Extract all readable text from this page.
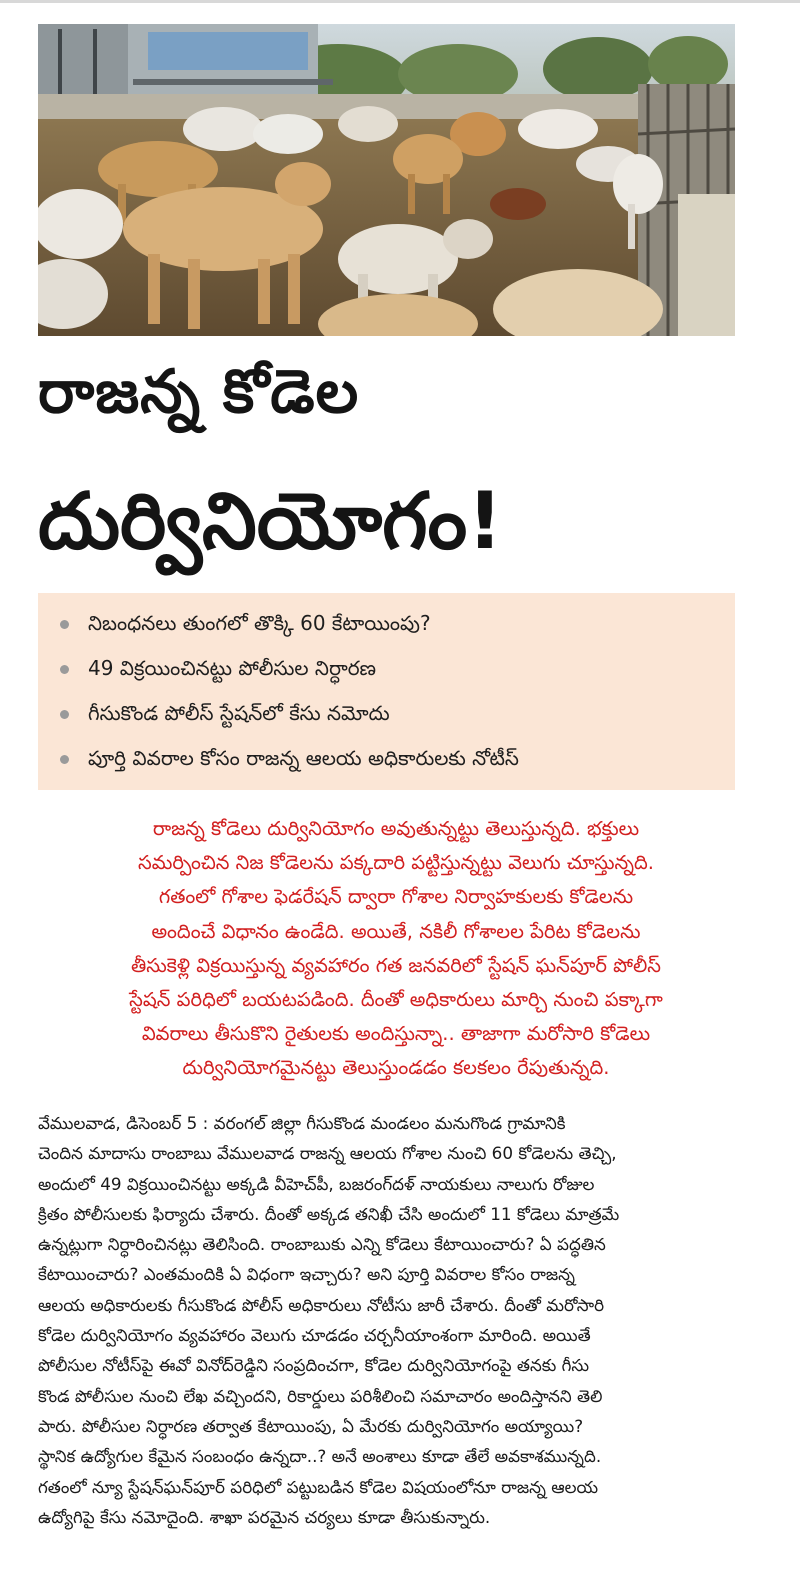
రాజన్న కోడెల
దుర్వినియోగం!
నిబంధనలు తుంగలో తొక్కి 60 కేటాయింపు?
49 విక్రయించినట్టు పోలీసుల నిర్ధారణ
గీసుకొండ పోలీస్ స్టేషన్‌లో కేసు నమోదు
పూర్తి వివరాల కోసం రాజన్న ఆలయ అధికారులకు నోటీస్
రాజన్న కోడెలు దుర్వినియోగం అవుతున్నట్టు తెలుస్తున్నది. భక్తులు
సమర్పించిన నిజ కోడెలను పక్కదారి పట్టిస్తున్నట్టు వెలుగు చూస్తున్నది.
గతంలో గోశాల ఫెడరేషన్ ద్వారా గోశాల నిర్వాహకులకు కోడెలను
అందించే విధానం ఉండేది. అయితే, నకిలీ గోశాలల పేరిట కోడెలను
తీసుకెళ్లి విక్రయిస్తున్న వ్యవహారం గత జనవరిలో స్టేషన్ ఘన్‌పూర్ పోలీస్
స్టేషన్ పరిధిలో బయటపడింది. దీంతో అధికారులు మార్చి నుంచి పక్కాగా
వివరాలు తీసుకొని రైతులకు అందిస్తున్నా.. తాజాగా మరోసారి కోడెలు
దుర్వినియోగమైనట్టు తెలుస్తుండడం కలకలం రేపుతున్నది.
వేములవాడ, డిసెంబర్ 5 : వరంగల్ జిల్లా గీసుకొండ మండలం మనుగొండ గ్రామానికి
చెందిన మాదాసు రాంబాబు వేములవాడ రాజన్న ఆలయ గోశాల నుంచి 60 కోడెలను తెచ్చి,
అందులో 49 విక్రయించినట్టు అక్కడి వీహెచ్‌పీ, బజరంగ్‌దళ్ నాయకులు నాలుగు రోజుల
క్రితం పోలీసులకు ఫిర్యాదు చేశారు. దీంతో అక్కడ తనిఖీ చేసి అందులో 11 కోడెలు మాత్రమే
ఉన్నట్లుగా నిర్ధారించినట్లు తెలిసింది. రాంబాబుకు ఎన్ని కోడెలు కేటాయించారు? ఏ పద్ధతిన
కేటాయించారు? ఎంతమందికి ఏ విధంగా ఇచ్చారు? అని పూర్తి వివరాల కోసం రాజన్న
ఆలయ అధికారులకు గీసుకొండ పోలీస్ అధికారులు నోటీసు జారీ చేశారు. దీంతో మరోసారి
కోడెల దుర్వినియోగం వ్యవహారం వెలుగు చూడడం చర్చనీయాంశంగా మారింది. అయితే
పోలీసుల నోటీస్‌పై ఈవో వినోద్‌రెడ్డిని సంప్రదించగా, కోడెల దుర్వినియోగంపై తనకు గీసు
కొండ పోలీసుల నుంచి లేఖ వచ్చిందని, రికార్డులు పరిశీలించి సమాచారం అందిస్తానని తెలి
పారు. పోలీసుల నిర్ధారణ తర్వాత కేటాయింపు, ఏ మేరకు దుర్వినియోగం అయ్యాయి?
స్థానిక ఉద్యోగుల కేమైన సంబంధం ఉన్నదా..? అనే అంశాలు కూడా తేలే అవకాశమున్నది.
గతంలో న్యూ స్టేషన్‌ఘన్‌పూర్ పరిధిలో పట్టుబడిన కోడెల విషయంలోనూ రాజన్న ఆలయ
ఉద్యోగిపై కేసు నమోదైంది. శాఖా పరమైన చర్యలు కూడా తీసుకున్నారు.
